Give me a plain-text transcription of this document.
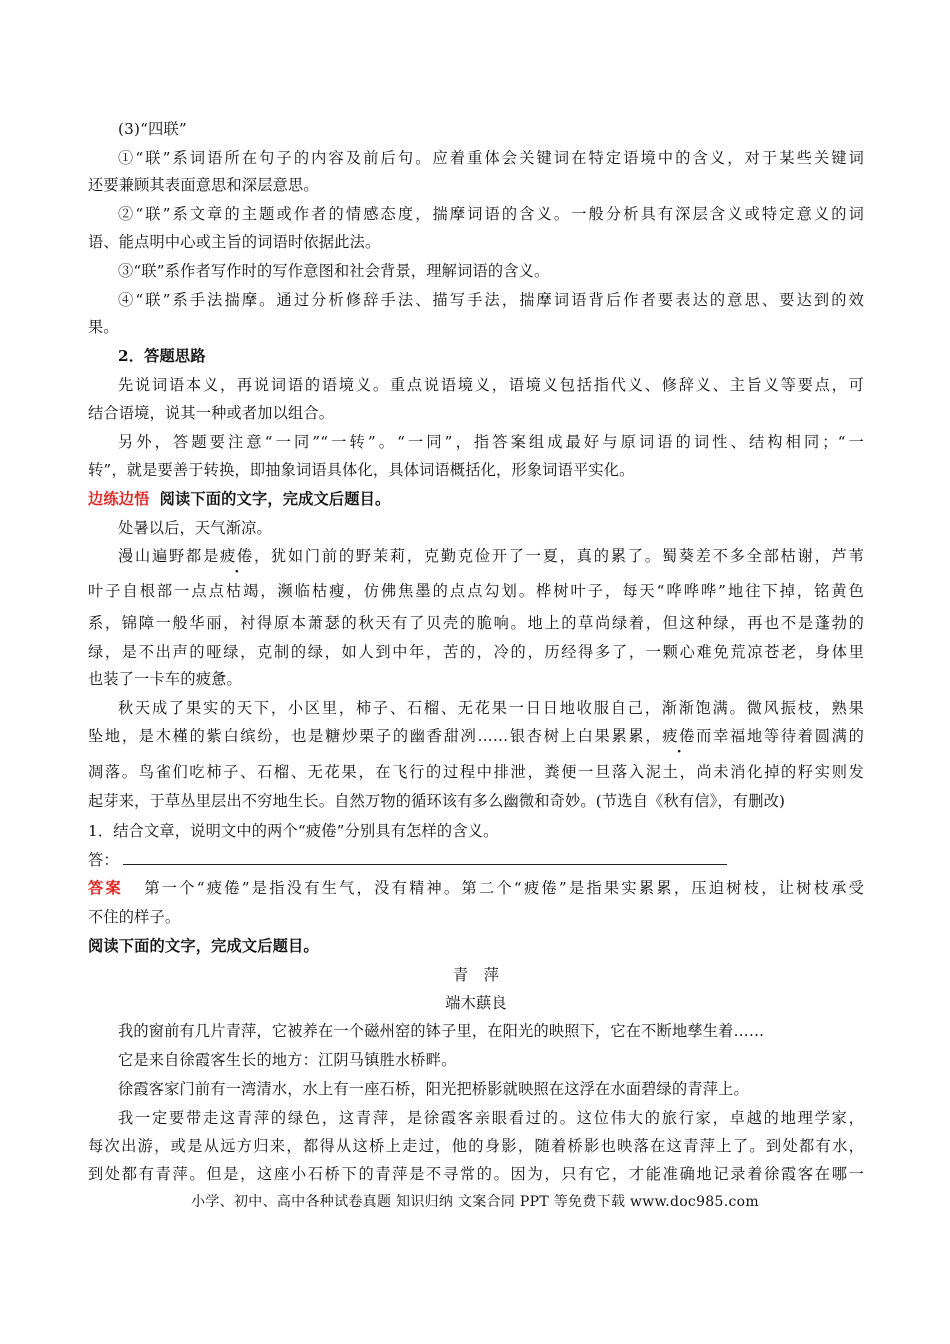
(3)“四联”
①“联”系词语所在句子的内容及前后句。应着重体会关键词在特定语境中的含义，对于某些关键词
还要兼顾其表面意思和深层意思。
②“联”系文章的主题或作者的情感态度，揣摩词语的含义。一般分析具有深层含义或特定意义的词
语、能点明中心或主旨的词语时依据此法。
③“联”系作者写作时的写作意图和社会背景，理解词语的含义。
④“联”系手法揣摩。通过分析修辞手法、描写手法，揣摩词语背后作者要表达的意思、要达到的效
果。
2．答题思路
先说词语本义，再说词语的语境义。重点说语境义，语境义包括指代义、修辞义、主旨义等要点，可
结合语境，说其一种或者加以组合。
另外，答题要注意“一同”“一转”。“一同”，指答案组成最好与原词语的词性、结构相同；“一
转”，就是要善于转换，即抽象词语具体化，具体词语概括化，形象词语平实化。
边练边悟 阅读下面的文字，完成文后题目。
处暑以后，天气渐凉。
漫山遍野都是疲倦，犹如门前的野茉莉，克勤克俭开了一夏，真的累了。蜀葵差不多全部枯谢，芦苇
叶子自根部一点点枯竭，濒临枯瘦，仿佛焦墨的点点勾划。桦树叶子，每天“哗哗哗”地往下掉，铭黄色
系，锦障一般华丽，衬得原本萧瑟的秋天有了贝壳的脆响。地上的草尚绿着，但这种绿，再也不是蓬勃的
绿，是不出声的哑绿，克制的绿，如人到中年，苦的，冷的，历经得多了，一颗心难免荒凉苍老，身体里
也装了一卡车的疲惫。
秋天成了果实的天下，小区里，柿子、石榴、无花果一日日地收服自己，渐渐饱满。微风振枝，熟果
坠地，是木槿的紫白缤纷，也是糖炒栗子的幽香甜冽……银杏树上白果累累，疲倦而幸福地等待着圆满的
凋落。鸟雀们吃柿子、石榴、无花果，在飞行的过程中排泄，粪便一旦落入泥土，尚未消化掉的籽实则发
起芽来，于草丛里层出不穷地生长。自然万物的循环该有多么幽微和奇妙。(节选自《秋有信》，有删改)
1．结合文章，说明文中的两个“疲倦”分别具有怎样的含义。
答：
答案 第一个“疲倦”是指没有生气，没有精神。第二个“疲倦”是指果实累累，压迫树枝，让树枝承受
不住的样子。
阅读下面的文字，完成文后题目。
青　萍
端木蕻良
我的窗前有几片青萍，它被养在一个磁州窑的钵子里，在阳光的映照下，它在不断地孳生着……
它是来自徐霞客生长的地方：江阴马镇胜水桥畔。
徐霞客家门前有一湾清水，水上有一座石桥，阳光把桥影就映照在这浮在水面碧绿的青萍上。
我一定要带走这青萍的绿色，这青萍，是徐霞客亲眼看过的。这位伟大的旅行家，卓越的地理学家，
每次出游，或是从远方归来，都得从这桥上走过，他的身影，随着桥影也映落在这青萍上了。到处都有水，
到处都有青萍。但是，这座小石桥下的青萍是不寻常的。因为，只有它，才能准确地记录着徐霞客在哪一
小学、初中、高中各种试卷真题 知识归纳 文案合同 PPT 等免费下载 www.doc985.com
